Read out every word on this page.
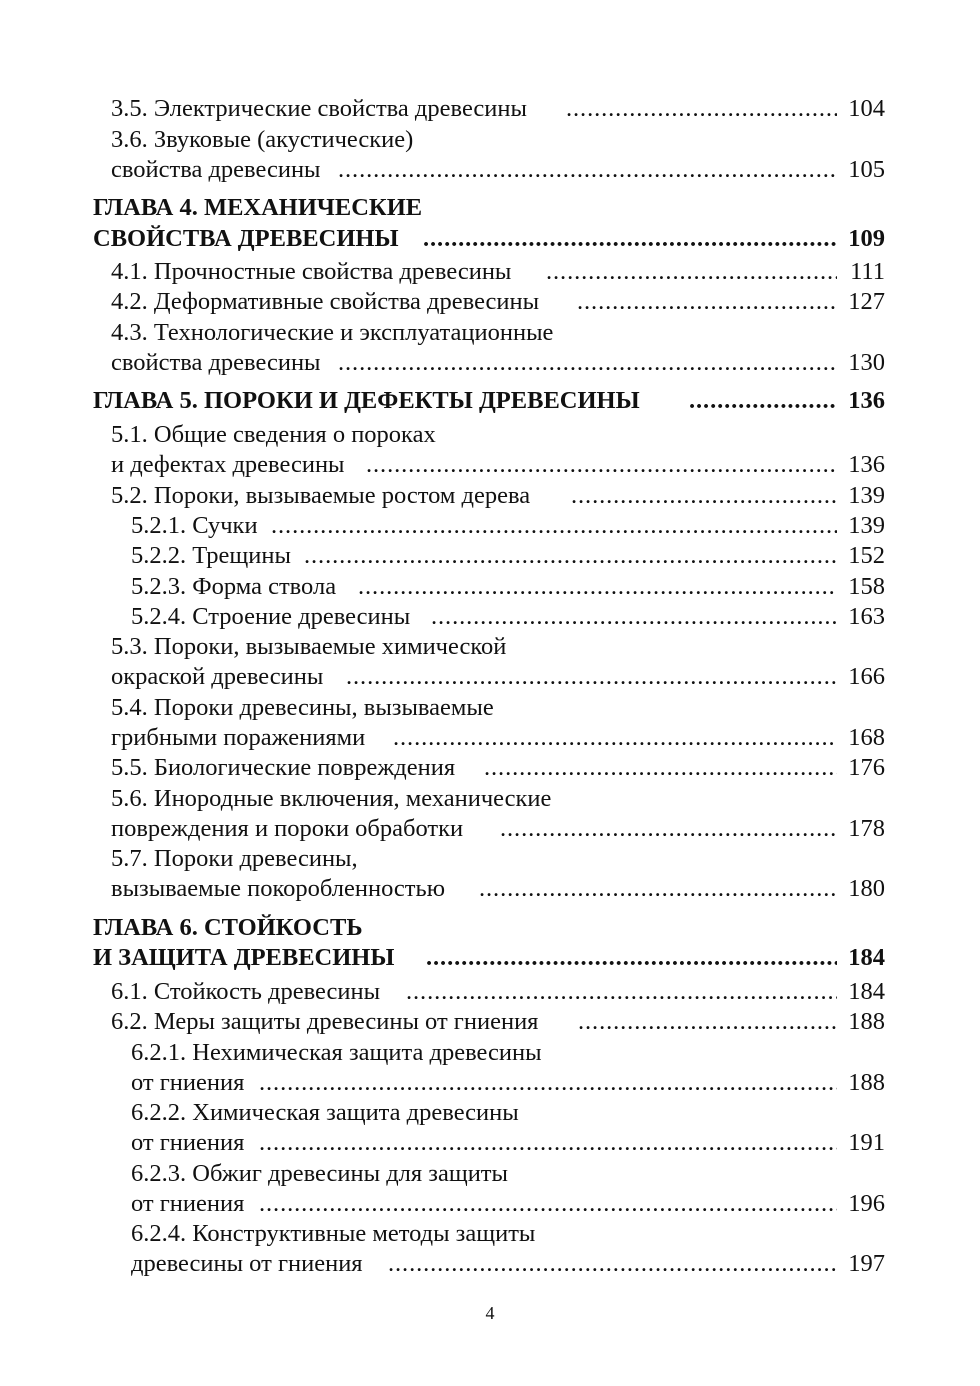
3.5. Электрические свойства древесины .....	104
3.6. Звуковые (акустические)
свойства древесины .....	105
ГЛАВА 4. МЕХАНИЧЕСКИЕ
СВОЙСТВА ДРЕВЕСИНЫ .....	109
4.1. Прочностные свойства древесины .....	111
4.2. Деформативные свойства древесины .....	127
4.3. Технологические и эксплуатационные
свойства древесины .....	130
ГЛАВА 5. ПОРОКИ И ДЕФЕКТЫ ДРЕВЕСИНЫ .....	136
5.1. Общие сведения о пороках
и дефектах древесины .....	136
5.2. Пороки, вызываемые ростом дерева .....	139
5.2.1. Сучки .....	139
5.2.2. Трещины .....	152
5.2.3. Форма ствола .....	158
5.2.4. Строение древесины .....	163
5.3. Пороки, вызываемые химической
окраской древесины .....	166
5.4. Пороки древесины, вызываемые
грибными поражениями .....	168
5.5. Биологические повреждения .....	176
5.6. Инородные включения, механические
повреждения и пороки обработки .....	178
5.7. Пороки древесины,
вызываемые покоробленностью .....	180
ГЛАВА 6. СТОЙКОСТЬ
И ЗАЩИТА ДРЕВЕСИНЫ .....	184
6.1. Стойкость древесины .....	184
6.2. Меры защиты древесины от гниения .....	188
6.2.1. Нехимическая защита древесины
от гниения .....	188
6.2.2. Химическая защита древесины
от гниения .....	191
6.2.3. Обжиг древесины для защиты
от гниения .....	196
6.2.4. Конструктивные методы защиты
древесины от гниения .....	197
4
